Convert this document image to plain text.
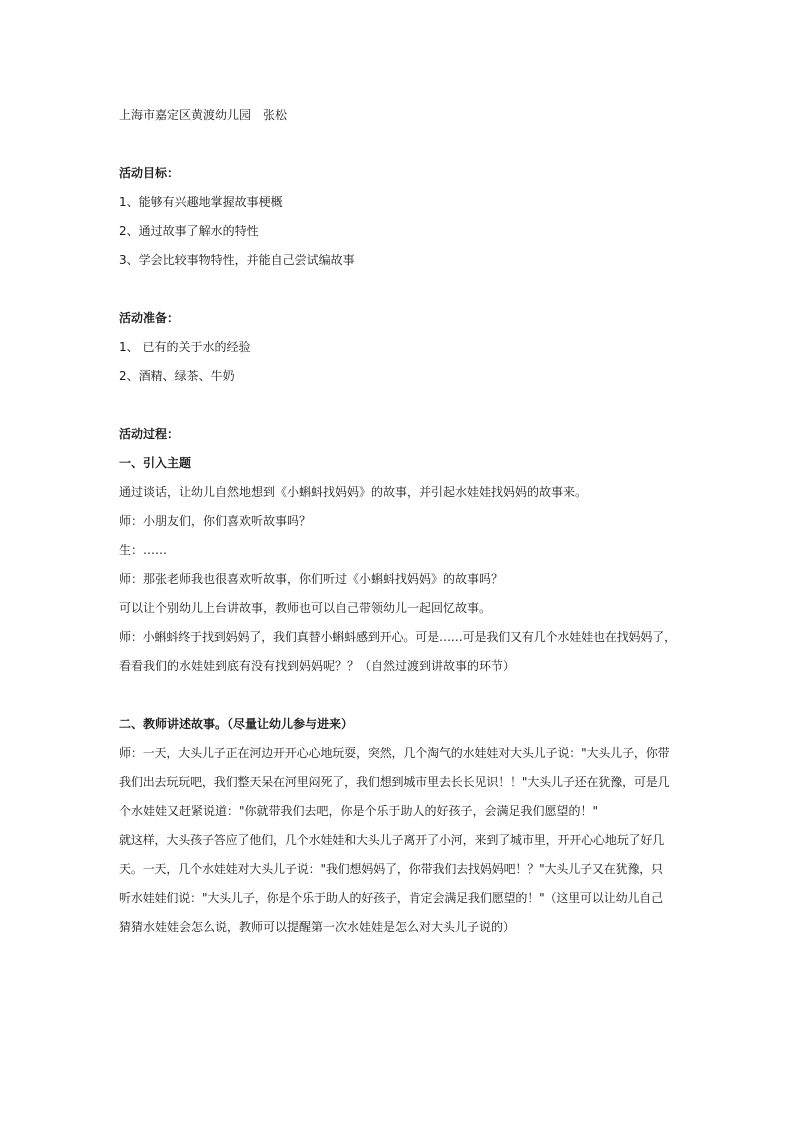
上海市嘉定区黄渡幼儿园　张松
活动目标：
1、能够有兴趣地掌握故事梗概
2、通过故事了解水的特性
3、学会比较事物特性，并能自己尝试编故事
活动准备：
1、 已有的关于水的经验
2、酒精、绿茶、牛奶
活动过程：
一、引入主题
通过谈话，让幼儿自然地想到《小蝌蚪找妈妈》的故事，并引起水娃娃找妈妈的故事来。
师：小朋友们，你们喜欢听故事吗？
生：……
师：那张老师我也很喜欢听故事，你们听过《小蝌蚪找妈妈》的故事吗？
可以让个别幼儿上台讲故事，教师也可以自己带领幼儿一起回忆故事。
师：小蝌蚪终于找到妈妈了，我们真替小蝌蚪感到开心。可是……可是我们又有几个水娃娃也在找妈妈了，
看看我们的水娃娃到底有没有找到妈妈呢？？（自然过渡到讲故事的环节）
二、教师讲述故事。（尽量让幼儿参与进来）
师：一天，大头儿子正在河边开开心心地玩耍，突然，几个淘气的水娃娃对大头儿子说："大头儿子，你带
我们出去玩玩吧，我们整天呆在河里闷死了，我们想到城市里去长长见识！！"大头儿子还在犹豫，可是几
个水娃娃又赶紧说道："你就带我们去吧，你是个乐于助人的好孩子，会满足我们愿望的！"
就这样，大头孩子答应了他们，几个水娃娃和大头儿子离开了小河，来到了城市里，开开心心地玩了好几
天。一天，几个水娃娃对大头儿子说："我们想妈妈了，你带我们去找妈妈吧！？"大头儿子又在犹豫，只
听水娃娃们说："大头儿子，你是个乐于助人的好孩子，肯定会满足我们愿望的！"（这里可以让幼儿自己
猜猜水娃娃会怎么说，教师可以提醒第一次水娃娃是怎么对大头儿子说的）
